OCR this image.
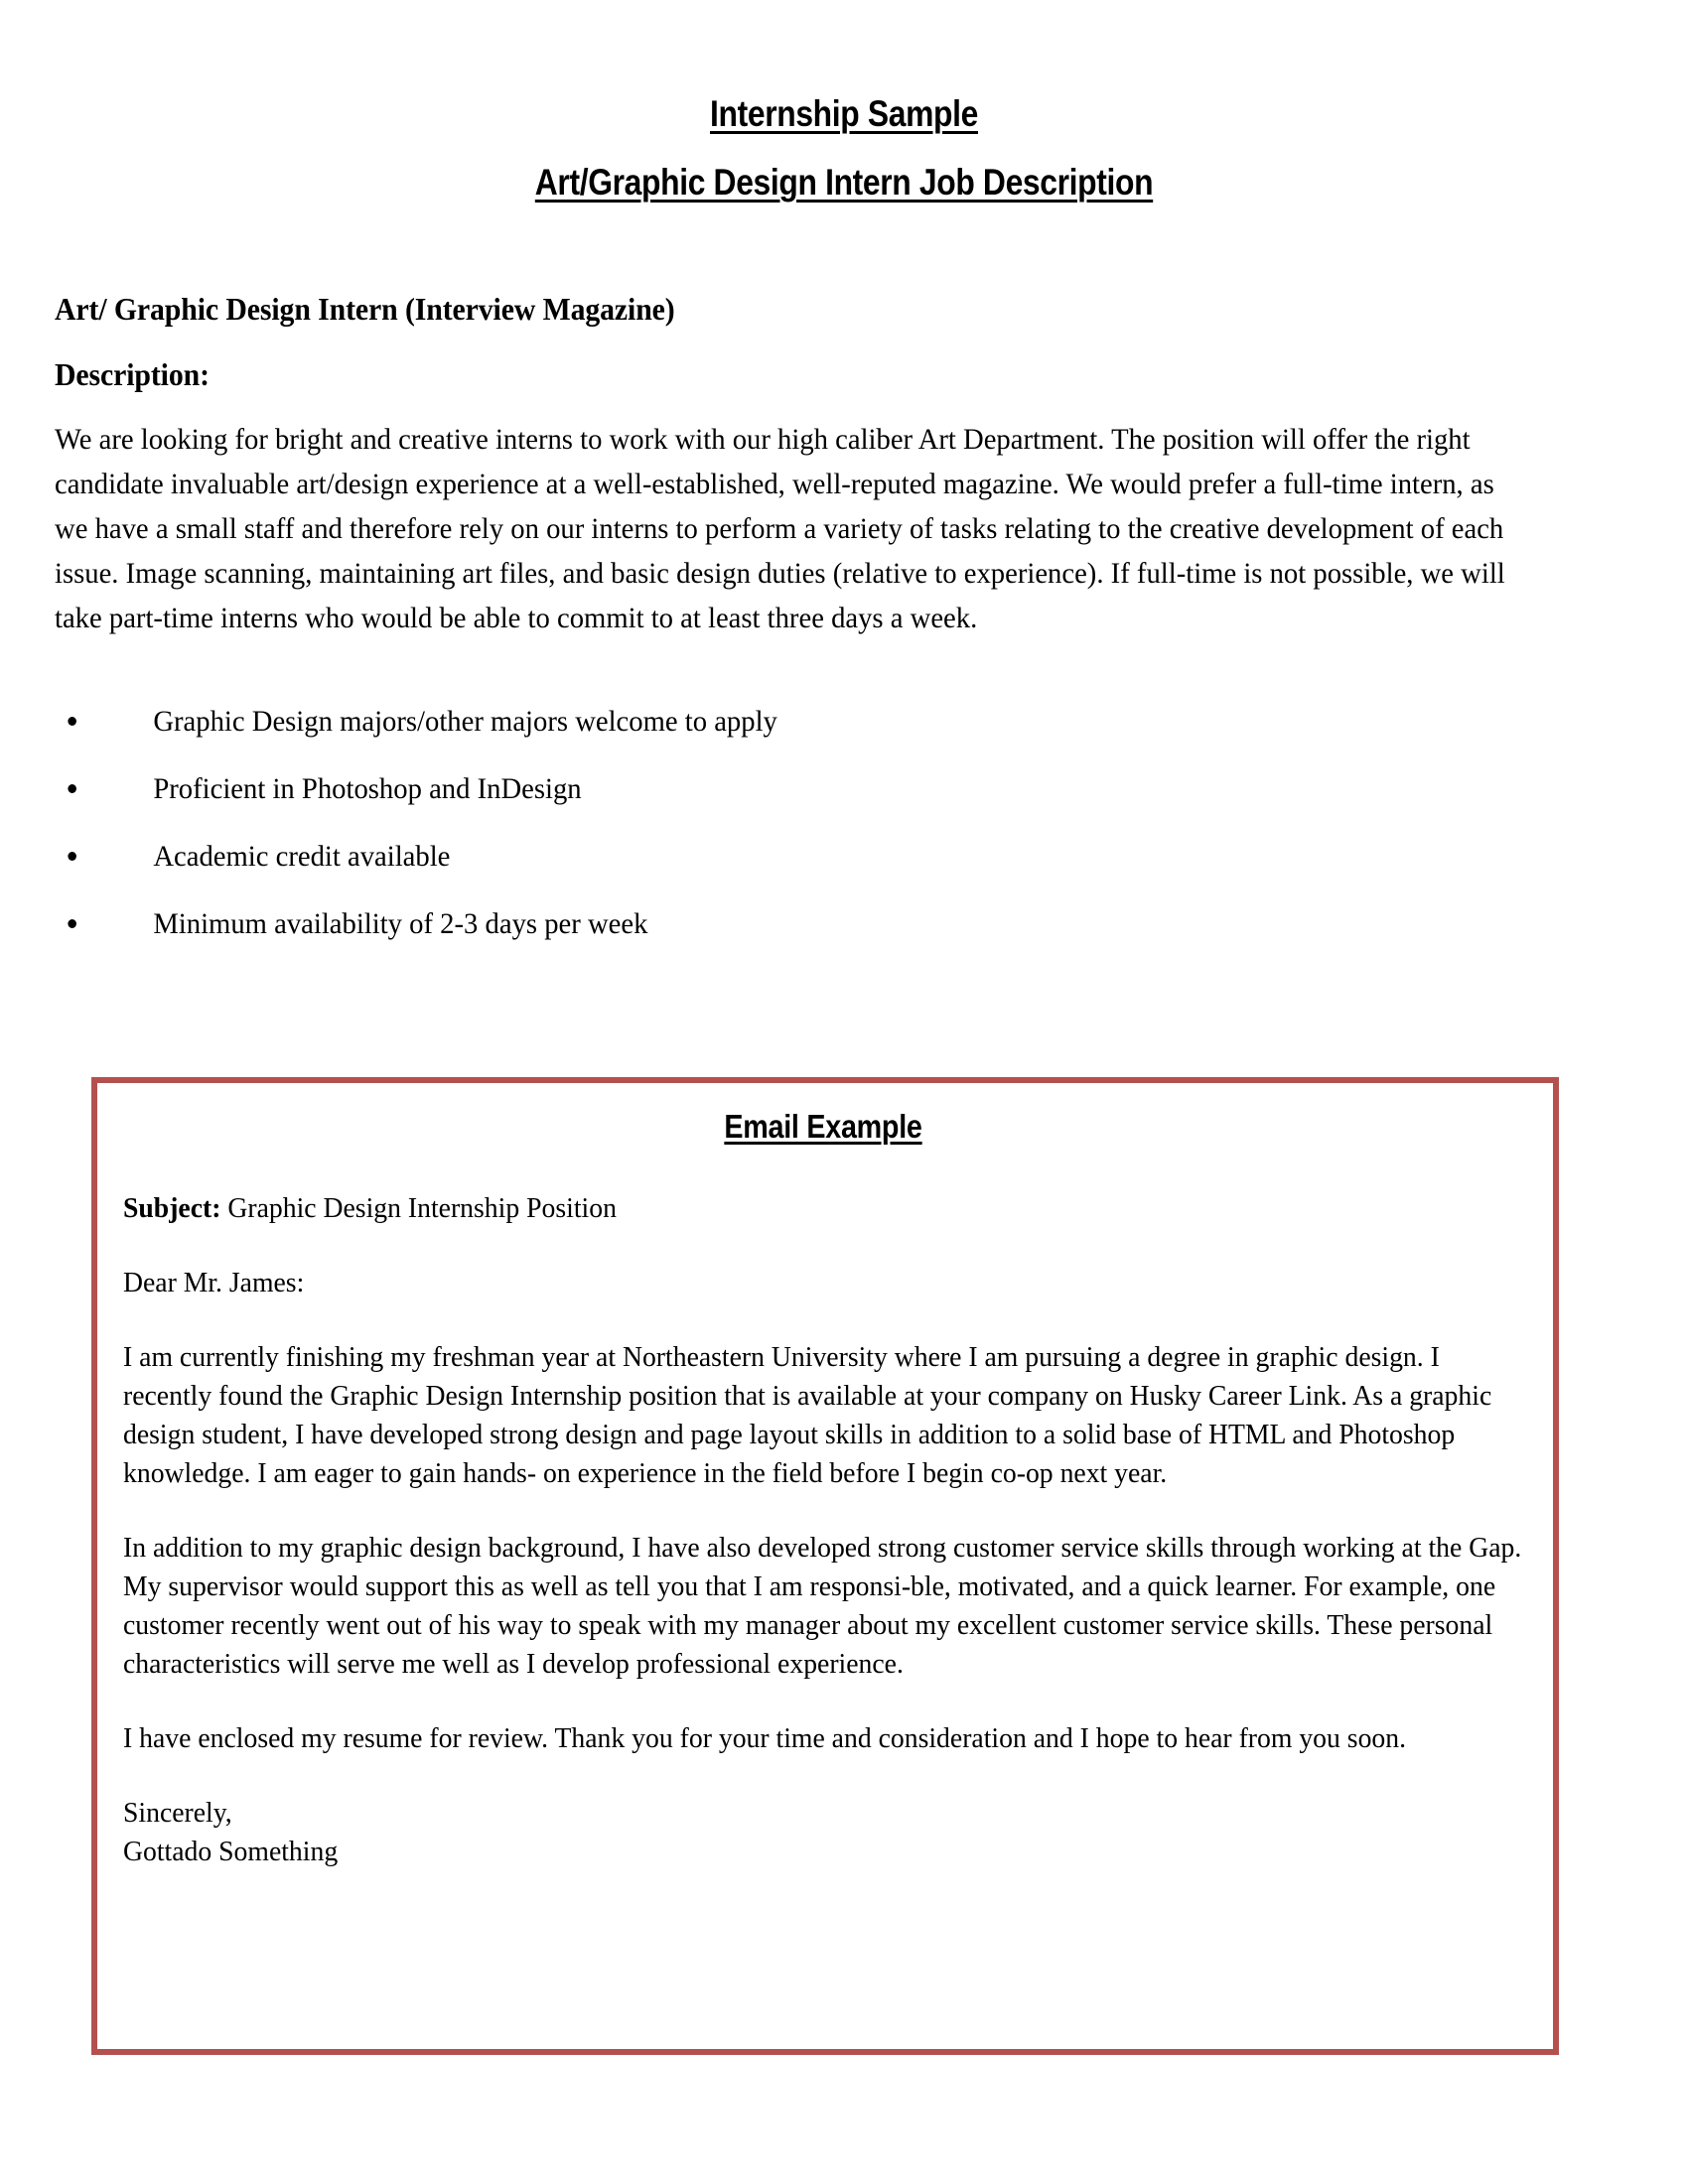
Internship Sample
Art/Graphic Design Intern Job Description
Art/ Graphic Design Intern (Interview Magazine)
Description:
We are looking for bright and creative interns to work with our high caliber Art Department. The position will offer the right candidate invaluable art/design experience at a well-established, well-reputed magazine. We would prefer a full-time intern, as we have a small staff and therefore rely on our interns to perform a variety of tasks relating to the creative development of each issue. Image scanning, maintaining art files, and basic design duties (relative to experience). If full-time is not possible, we will take part-time interns who would be able to commit to at least three days a week.
Graphic Design majors/other majors welcome to apply
Proficient in Photoshop and InDesign
Academic credit available
Minimum availability of 2-3 days per week
Email Example
Subject: Graphic Design Internship Position
Dear Mr. James:
I am currently finishing my freshman year at Northeastern University where I am pursuing a degree in graphic design. I recently found the Graphic Design Internship position that is available at your company on Husky Career Link. As a graphic design student, I have developed strong design and page layout skills in addition to a solid base of HTML and Photoshop knowledge. I am eager to gain hands- on experience in the field before I begin co-op next year.
In addition to my graphic design background, I have also developed strong customer service skills through working at the Gap. My supervisor would support this as well as tell you that I am responsi-ble, motivated, and a quick learner. For example, one customer recently went out of his way to speak with my manager about my excellent customer service skills. These personal characteristics will serve me well as I develop professional experience.
I have enclosed my resume for review. Thank you for your time and consideration and I hope to hear from you soon.
Sincerely,
Gottado Something
